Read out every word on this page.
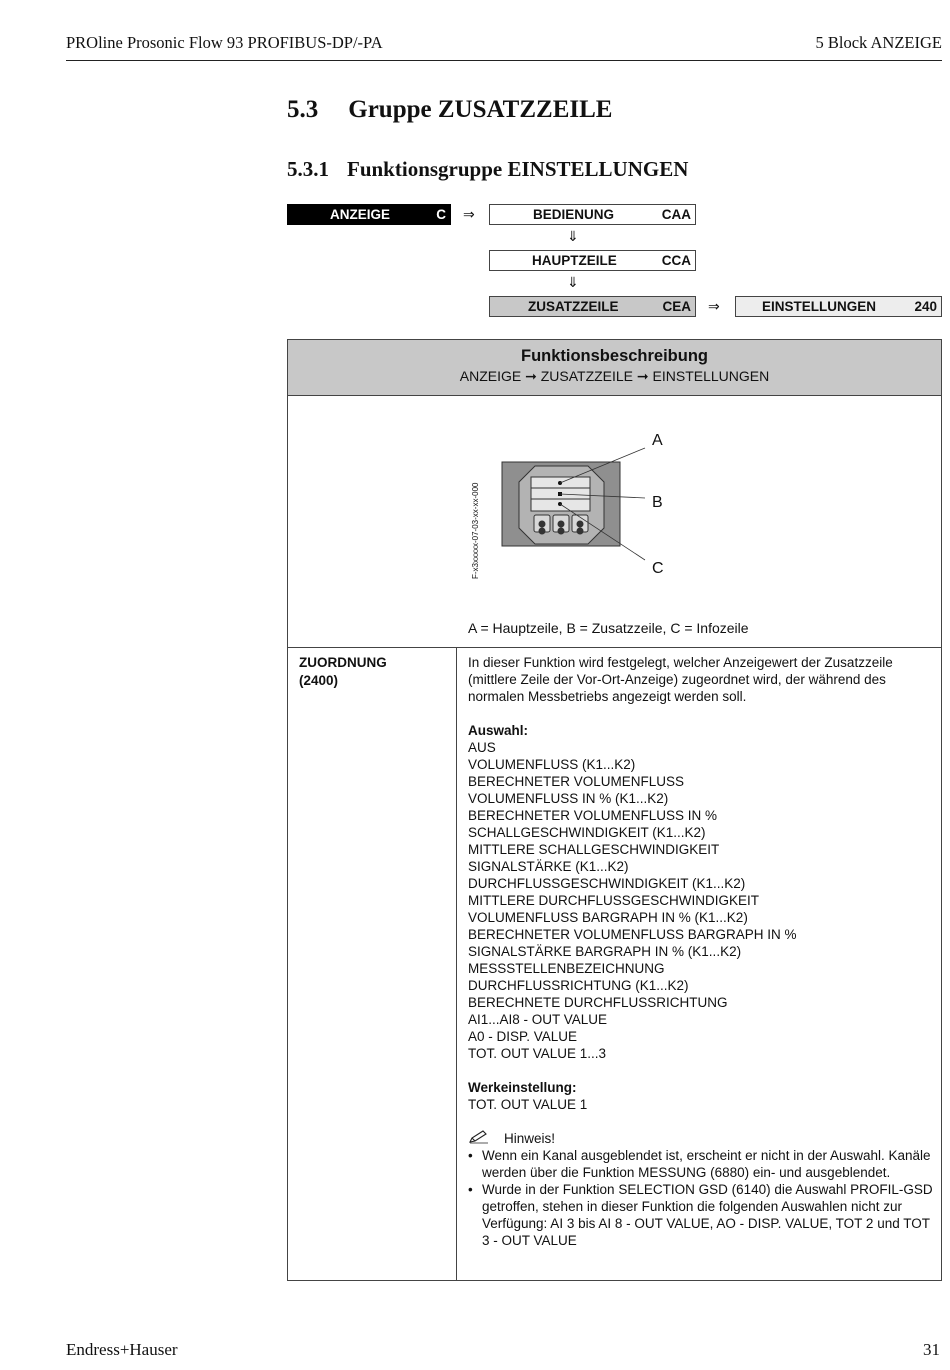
PROline Prosonic Flow 93 PROFIBUS-DP/-PA	5 Block ANZEIGE
5.3 Gruppe ZUSATZZEILE
5.3.1 Funktionsgruppe EINSTELLUNGEN
ANZEIGE	C ⇒	BEDIENUNG	CAA
⇓
HAUPTZEILE	CCA
⇓
ZUSATZZEILE	CEA ⇒	EINSTELLUNGEN	240
Funktionsbeschreibung
ANZEIGE ➞ ZUSATZZEILE ➞ EINSTELLUNGEN
F-x3xxxxx-07-03-xx-xx-000
A
B
C
A = Hauptzeile, B = Zusatzzeile, C = Infozeile
ZUORDNUNG
(2400)

In dieser Funktion wird festgelegt, welcher Anzeigewert der Zusatzzeile (mittlere Zeile der Vor-Ort-Anzeige) zugeordnet wird, der während des normalen Messbetriebs angezeigt werden soll.

Auswahl:

AUS
VOLUMENFLUSS (K1...K2)
BERECHNETER VOLUMENFLUSS
VOLUMENFLUSS IN % (K1...K2)
BERECHNETER VOLUMENFLUSS IN %
SCHALLGESCHWINDIGKEIT (K1...K2)
MITTLERE SCHALLGESCHWINDIGKEIT
SIGNALSTÄRKE (K1...K2)
DURCHFLUSSGESCHWINDIGKEIT (K1...K2)
MITTLERE DURCHFLUSSGESCHWINDIGKEIT
VOLUMENFLUSS BARGRAPH IN % (K1...K2)
BERECHNETER VOLUMENFLUSS BARGRAPH IN %
SIGNALSTÄRKE BARGRAPH IN % (K1...K2)
MESSSTELLENBEZEICHNUNG
DURCHFLUSSRICHTUNG (K1...K2)
BERECHNETE DURCHFLUSSRICHTUNG
AI1...AI8 - OUT VALUE
A0 - DISP. VALUE
TOT. OUT VALUE 1...3

Werkeinstellung:

TOT. OUT VALUE 1

Hinweis!
• Wenn ein Kanal ausgeblendet ist, erscheint er nicht in der Auswahl. Kanäle werden über die Funktion MESSUNG (6880) ein- und ausgeblendet.
• Wurde in der Funktion SELECTION GSD (6140) die Auswahl PROFIL-GSD getroffen, stehen in dieser Funktion die folgenden Auswahlen nicht zur Verfügung: AI 3 bis AI 8 - OUT VALUE, AO - DISP. VALUE, TOT 2 und TOT 3 - OUT VALUE
Endress+Hauser	31
